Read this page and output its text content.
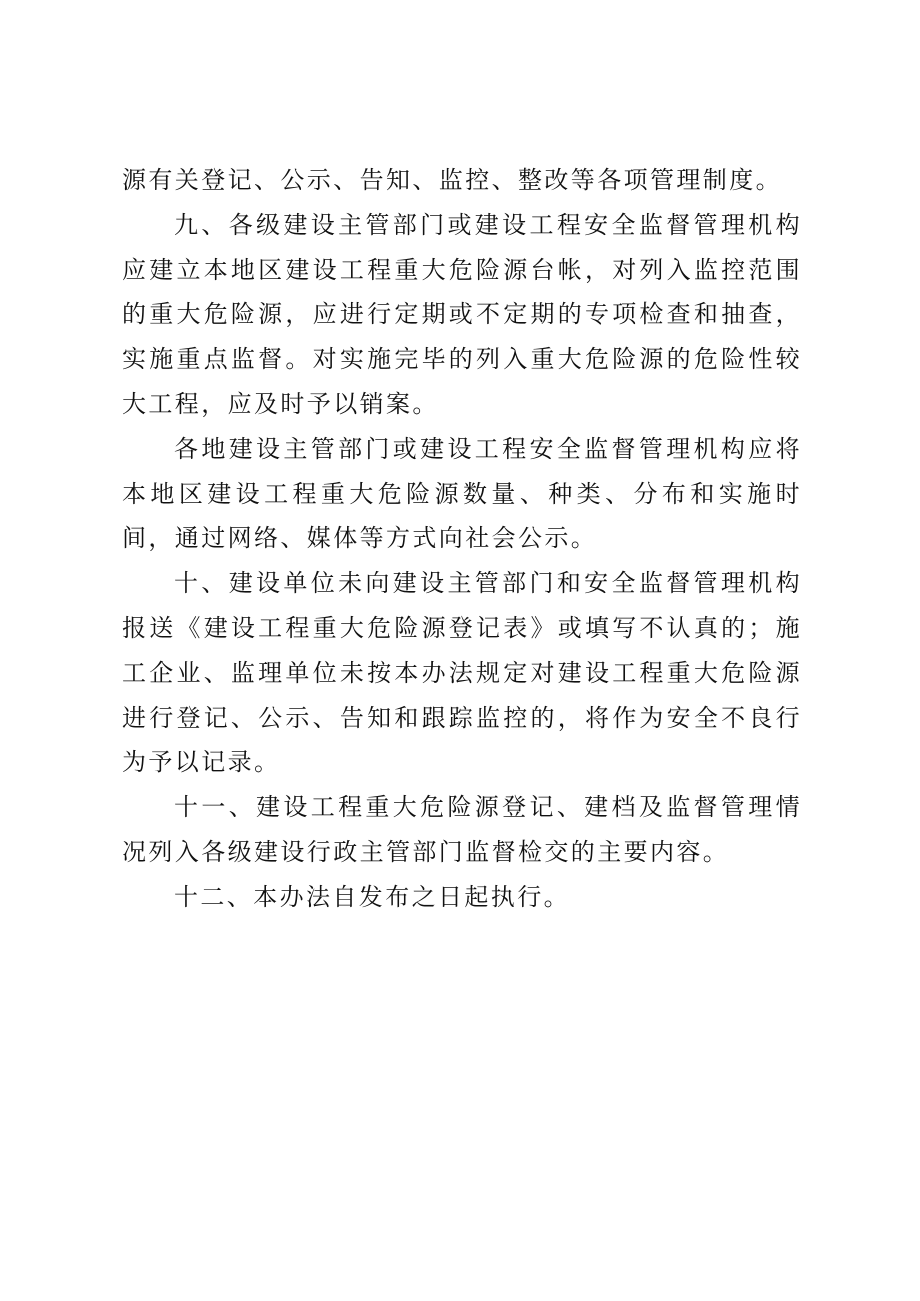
源有关登记、公示、告知、监控、整改等各项管理制度。

九、各级建设主管部门或建设工程安全监督管理机构应建立本地区建设工程重大危险源台帐，对列入监控范围的重大危险源，应进行定期或不定期的专项检查和抽查，实施重点监督。对实施完毕的列入重大危险源的危险性较大工程，应及时予以销案。

各地建设主管部门或建设工程安全监督管理机构应将本地区建设工程重大危险源数量、种类、分布和实施时间，通过网络、媒体等方式向社会公示。

十、建设单位未向建设主管部门和安全监督管理机构报送《建设工程重大危险源登记表》或填写不认真的；施工企业、监理单位未按本办法规定对建设工程重大危险源进行登记、公示、告知和跟踪监控的，将作为安全不良行为予以记录。

十一、建设工程重大危险源登记、建档及监督管理情况列入各级建设行政主管部门监督检交的主要内容。

十二、本办法自发布之日起执行。
